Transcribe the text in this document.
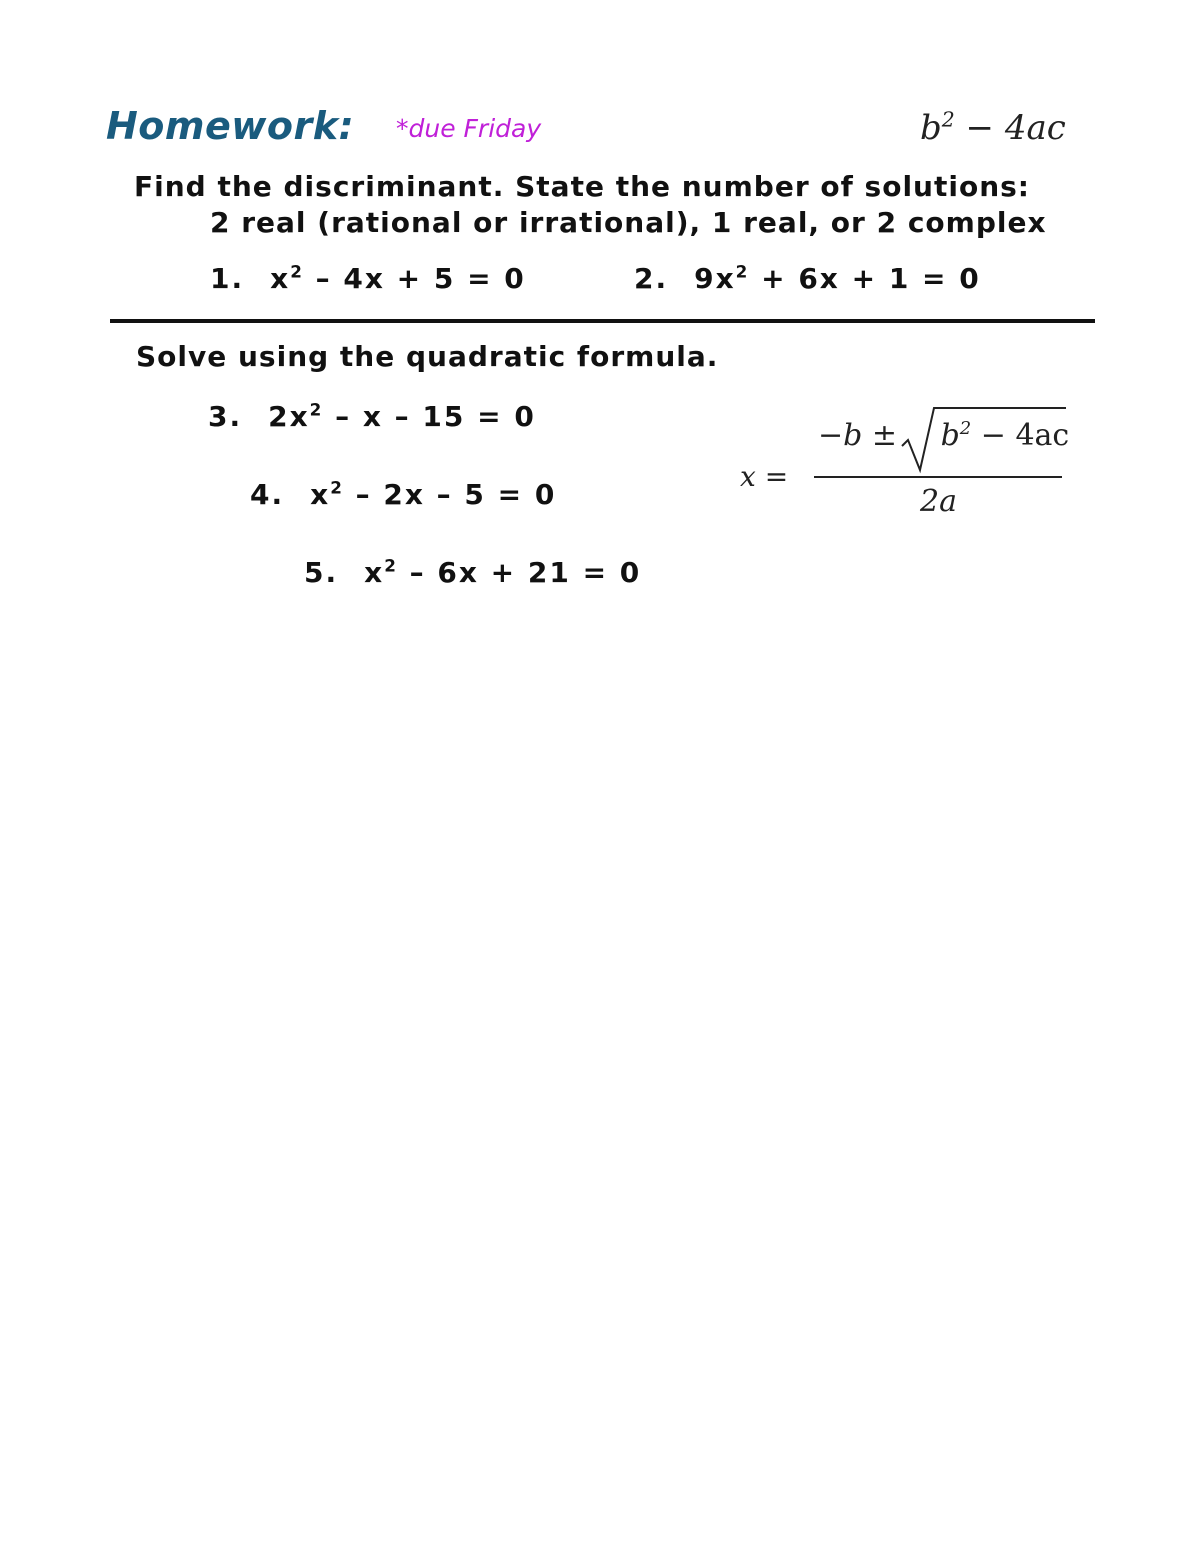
Homework: *due Friday	$b^2 - 4ac$
Find the discriminant. State the number of solutions:
2 real (rational or irrational), 1 real, or 2 complex
1. $x^2 - 4x + 5 = 0$	2. $9x^2 + 6x + 1 = 0$
Solve using the quadratic formula.
3. $2x^2 - x - 15 = 0$
4. $x^2 - 2x - 5 = 0$
5. $x^2 - 6x + 21 = 0$
x =
$-b \pm b^2 - 4ac$
2a
